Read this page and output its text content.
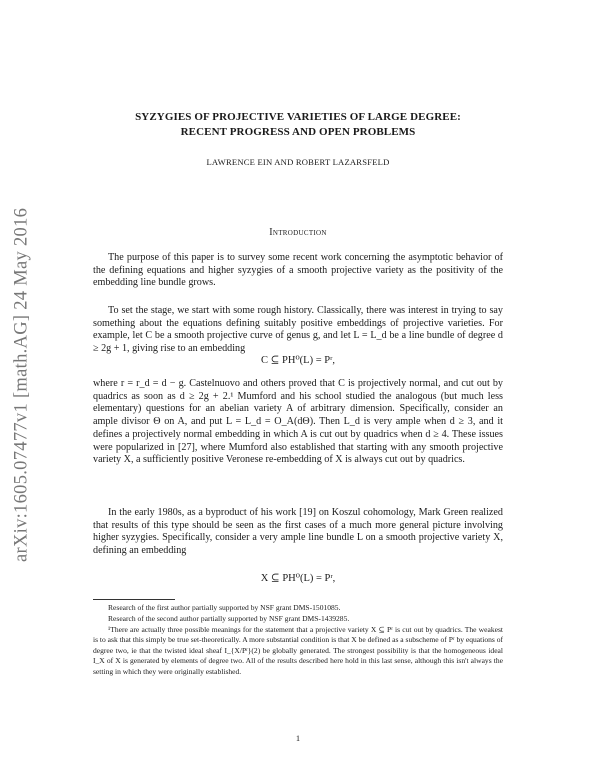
arXiv:1605.07477v1 [math.AG] 24 May 2016
SYZYGIES OF PROJECTIVE VARIETIES OF LARGE DEGREE:
RECENT PROGRESS AND OPEN PROBLEMS
LAWRENCE EIN AND ROBERT LAZARSFELD
Introduction

The purpose of this paper is to survey some recent work concerning the asymptotic behavior of the defining equations and higher syzygies of a smooth projective variety as the positivity of the embedding line bundle grows.

To set the stage, we start with some rough history. Classically, there was interest in trying to say something about the equations defining suitably positive embeddings of projective varieties. For example, let C be a smooth projective curve of genus g, and let L = L_d be a line bundle of degree d ≥ 2g + 1, giving rise to an embedding

C ⊆ PH⁰(L) = Pʳ,

where r = r_d = d − g. Castelnuovo and others proved that C is projectively normal, and cut out by quadrics as soon as d ≥ 2g + 2.¹ Mumford and his school studied the analogous (but much less elementary) questions for an abelian variety A of arbitrary dimension. Specifically, consider an ample divisor Θ on A, and put L = L_d = O_A(dΘ). Then L_d is very ample when d ≥ 3, and it defines a projectively normal embedding in which A is cut out by quadrics when d ≥ 4. These issues were popularized in [27], where Mumford also established that starting with any smooth projective variety X, a sufficiently positive Veronese re-embedding of X is always cut out by quadrics.

In the early 1980s, as a byproduct of his work [19] on Koszul cohomology, Mark Green realized that results of this type should be seen as the first cases of a much more general picture involving higher syzygies. Specifically, consider a very ample line bundle L on a smooth projective variety X, defining an embedding

X ⊆ PH⁰(L) = Pʳ,

Research of the first author partially supported by NSF grant DMS-1501085.

Research of the second author partially supported by NSF grant DMS-1439285.

¹There are actually three possible meanings for the statement that a projective variety X ⊆ Pʳ is cut out by quadrics. The weakest is to ask that this simply be true set-theoretically. A more substantial condition is that X be defined as a subscheme of Pʳ by equations of degree two, ie that the twisted ideal sheaf I_{X/Pʳ}(2) be globally generated. The strongest possibility is that the homogeneous ideal I_X of X is generated by elements of degree two. All of the results described here hold in this last sense, although this isn't always the setting in which they were originally established.

1
